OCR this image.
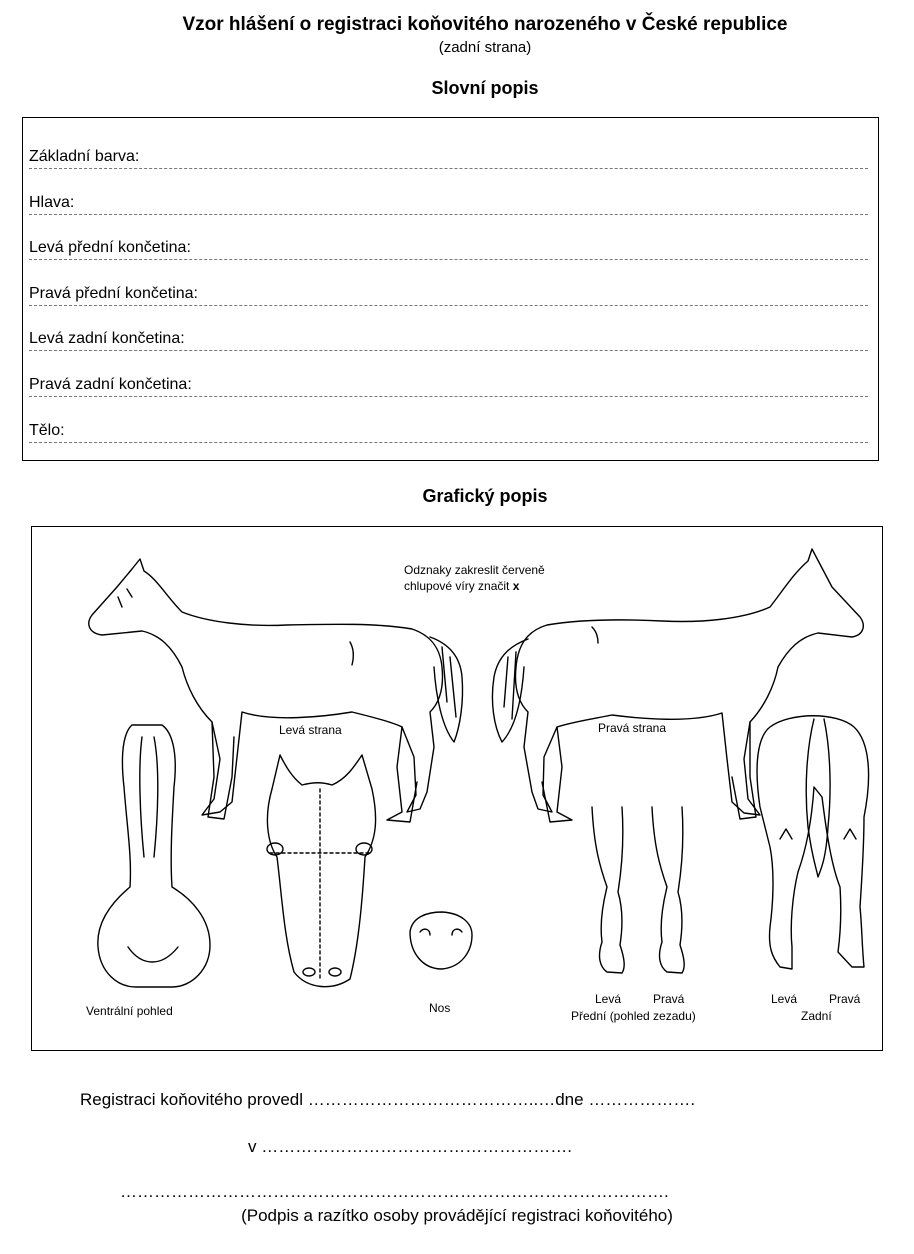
Vzor hlášení o registraci koňovitého narozeného v České republice
(zadní strana)
Slovní popis
Základní barva:
Hlava:
Levá přední končetina:
Pravá přední končetina:
Levá zadní končetina:
Pravá zadní končetina:
Tělo:
Grafický popis
Odznaky zakreslit červeně
chlupové víry značit x
Levá strana	Pravá strana
Ventrální pohled	Nos
Levá	Pravá
Přední (pohled zezadu)
Levá	Pravá
Zadní
Registraci koňovitého provedl …………………………………..…dne ……………….
v ……………………………………………….
…………………………………………………………………………………….
(Podpis a razítko osoby provádějící registraci koňovitého)
